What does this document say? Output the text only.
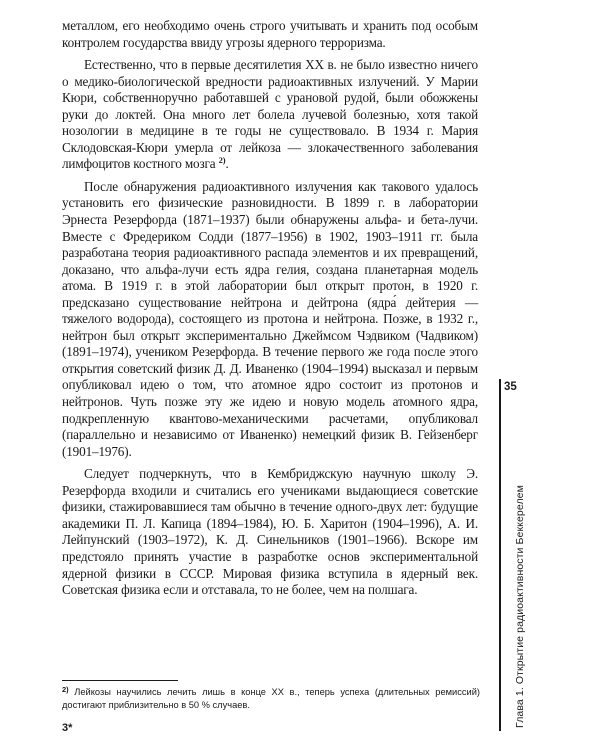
металлом, его необходимо очень строго учитывать и хранить под особым контролем государства ввиду угрозы ядерного терроризма.

Естественно, что в первые десятилетия XX в. не было известно ничего о медико-биологической вредности радиоактивных излучений. У Марии Кюри, собственноручно работавшей с урановой рудой, были обожжены руки до локтей. Она много лет болела лучевой болезнью, хотя такой нозологии в медицине в те годы не существовало. В 1934 г. Мария Склодовская-Кюри умерла от лейкоза — злокачественного заболевания лимфоцитов костного мозга $^{2)}$.

После обнаружения радиоактивного излучения как такового удалось установить его физические разновидности. В 1899 г. в лаборатории Эрнеста Резерфорда (1871–1937) были обнаружены альфа- и бета-лучи. Вместе с Фредериком Содди (1877–1956) в 1902, 1903–1911 гг. была разработана теория радиоактивного распада элементов и их превращений, доказано, что альфа-лучи есть ядра гелия, создана планетарная модель атома. В 1919 г. в этой лаборатории был открыт протон, в 1920 г. предсказано существование нейтрона и дейтрона (ядра́ дейтерия — тяжелого водорода), состоящего из протона и нейтрона. Позже, в 1932 г., нейтрон был открыт экспериментально Джеймсом Чэдвиком (Чадвиком) (1891–1974), учеником Резерфорда. В течение первого же года после этого открытия советский физик Д. Д. Иваненко (1904–1994) высказал и первым опубликовал идею о том, что атомное ядро состоит из протонов и нейтронов. Чуть позже эту же идею и новую модель атомного ядра, подкрепленную квантово-механическими расчетами, опубликовал (параллельно и независимо от Иваненко) немецкий физик В. Гейзенберг (1901–1976).

Следует подчеркнуть, что в Кембриджскую научную школу Э. Резерфорда входили и считались его учениками выдающиеся советские физики, стажировавшиеся там обычно в течение одного-двух лет: будущие академики П. Л. Капица (1894–1984), Ю. Б. Харитон (1904–1996), А. И. Лейпунский (1903–1972), К. Д. Синельников (1901–1966). Вскоре им предстояло принять участие в разработке основ экспериментальной ядерной физики в СССР. Мировая физика вступила в ядерный век. Советская физика если и отставала, то не более, чем на полшага.

35
Глава 1. Открытие радиоактивности Беккерелем
$^{2)}$ Лейкозы научились лечить лишь в конце XX в., теперь успеха (длительных ремиссий) достигают приблизительно в 50 % случаев.
3*
